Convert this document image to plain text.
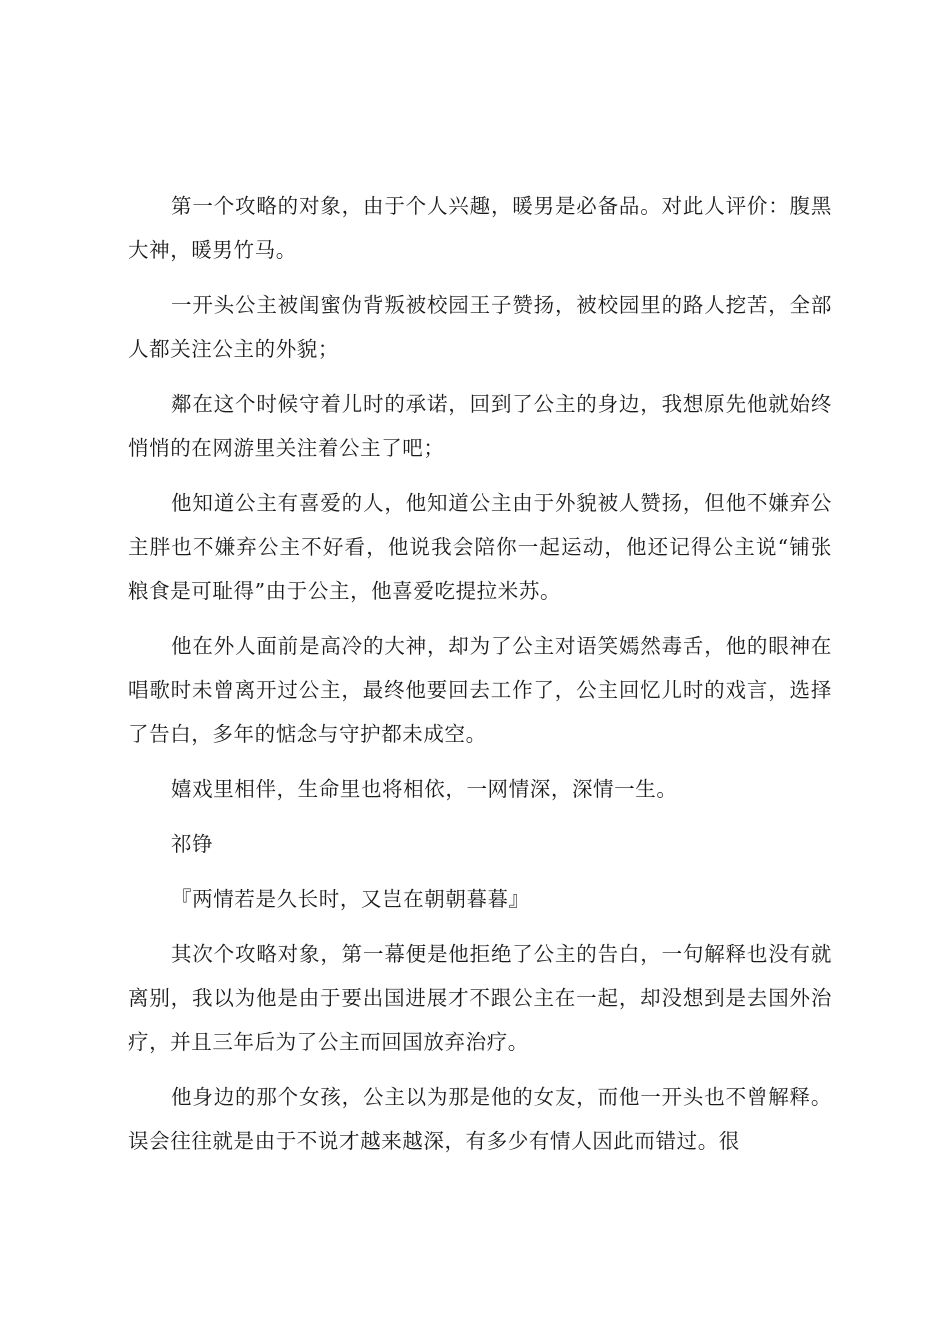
第一个攻略的对象，由于个人兴趣，暖男是必备品。对此人评价：腹黑大神，暖男竹马。

一开头公主被闺蜜伪背叛被校园王子赞扬，被校园里的路人挖苦，全部人都关注公主的外貌；

鄰在这个时候守着儿时的承诺，回到了公主的身边，我想原先他就始终悄悄的在网游里关注着公主了吧；

他知道公主有喜爱的人，他知道公主由于外貌被人赞扬，但他不嫌弃公主胖也不嫌弃公主不好看，他说我会陪你一起运动，他还记得公主说“铺张粮食是可耻得”由于公主，他喜爱吃提拉米苏。

他在外人面前是高冷的大神，却为了公主对语笑嫣然毒舌，他的眼神在唱歌时未曾离开过公主，最终他要回去工作了，公主回忆儿时的戏言，选择了告白，多年的惦念与守护都未成空。

嬉戏里相伴，生命里也将相依，一网情深，深情一生。

祁铮

『两情若是久长时，又岂在朝朝暮暮』

其次个攻略对象，第一幕便是他拒绝了公主的告白，一句解释也没有就离别，我以为他是由于要出国进展才不跟公主在一起，却没想到是去国外治疗，并且三年后为了公主而回国放弃治疗。

他身边的那个女孩，公主以为那是他的女友，而他一开头也不曾解释。误会往往就是由于不说才越来越深，有多少有情人因此而错过。很
